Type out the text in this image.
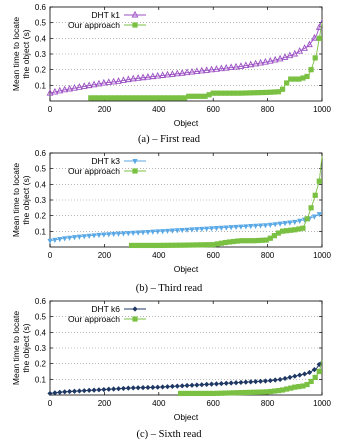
0.1
0.2
0.3
0.4
0.5
0.6
0	200	400	600	800	1000
Object
Mean time to locate the object (s)
DHT k1
Our approach
(a) – First read
0.1
0.2
0.3
0.4
0.5
0.6
0	200	400	600	800	1000
Object
Mean time to locate the object (s)
DHT k3
Our approach
(b) – Third read
0.1
0.2
0.3
0.4
0.5
0.6
0	200	400	600	800	1000
Object
Mean time to locate the object (s)
DHT k6
Our approach
(c) – Sixth read
